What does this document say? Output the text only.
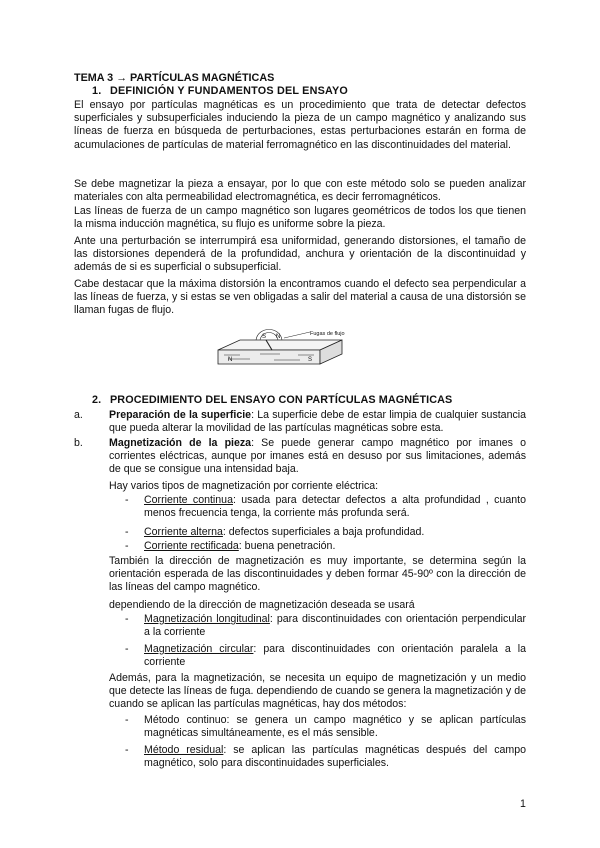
TEMA 3 → PARTÍCULAS MAGNÉTICAS
1. DEFINICIÓN Y FUNDAMENTOS DEL ENSAYO

El ensayo por partículas magnéticas es un procedimiento que trata de detectar defectos superficiales y subsuperficiales induciendo la pieza de un campo magnético y analizando sus líneas de fuerza en búsqueda de perturbaciones, estas perturbaciones estarán en forma de acumulaciones de partículas de material ferromagnético en las discontinuidades del material.

Se debe magnetizar la pieza a ensayar, por lo que con este método solo se pueden analizar materiales con alta permeabilidad electromagnética, es decir ferromagnéticos.

Las líneas de fuerza de un campo magnético son lugares geométricos de todos los que tienen la misma inducción magnética, su flujo es uniforme sobre la pieza.

Ante una perturbación se interrumpirá esa uniformidad, generando distorsiones, el tamaño de las distorsiones dependerá de la profundidad, anchura y orientación de la discontinuidad y además de si es superficial o subsuperficial.

Cabe destacar que la máxima distorsión la encontramos cuando el defecto sea perpendicular a las líneas de fuerza, y si estas se ven obligadas a salir del material a causa de una distorsión se llaman fugas de flujo.

S N	Fugas de flujo
N	S
2. PROCEDIMIENTO DEL ENSAYO CON PARTÍCULAS MAGNÉTICAS
a. Preparación de la superficie: La superficie debe de estar limpia de cualquier sustancia que pueda alterar la movilidad de las partículas magnéticas sobre esta.
b. Magnetización de la pieza: Se puede generar campo magnético por imanes o corrientes eléctricas, aunque por imanes está en desuso por sus limitaciones, además de que se consigue una intensidad baja.

Hay varios tipos de magnetización por corriente eléctrica:

- Corriente continua: usada para detectar defectos a alta profundidad , cuanto menos frecuencia tenga, la corriente más profunda será.
- Corriente alterna: defectos superficiales a baja profundidad.
- Corriente rectificada: buena penetración.

También la dirección de magnetización es muy importante, se determina según la orientación esperada de las discontinuidades y deben formar 45-90º con la dirección de las líneas del campo magnético.

dependiendo de la dirección de magnetización deseada se usará

- Magnetización longitudinal: para discontinuidades con orientación perpendicular a la corriente
- Magnetización circular: para discontinuidades con orientación paralela a la corriente

Además, para la magnetización, se necesita un equipo de magnetización y un medio que detecte las líneas de fuga. dependiendo de cuando se genera la magnetización y de cuando se aplican las partículas magnéticas, hay dos métodos:

- Método continuo: se genera un campo magnético y se aplican partículas magnéticas simultáneamente, es el más sensible.
- Método residual: se aplican las partículas magnéticas después del campo magnético, solo para discontinuidades superficiales.
1
